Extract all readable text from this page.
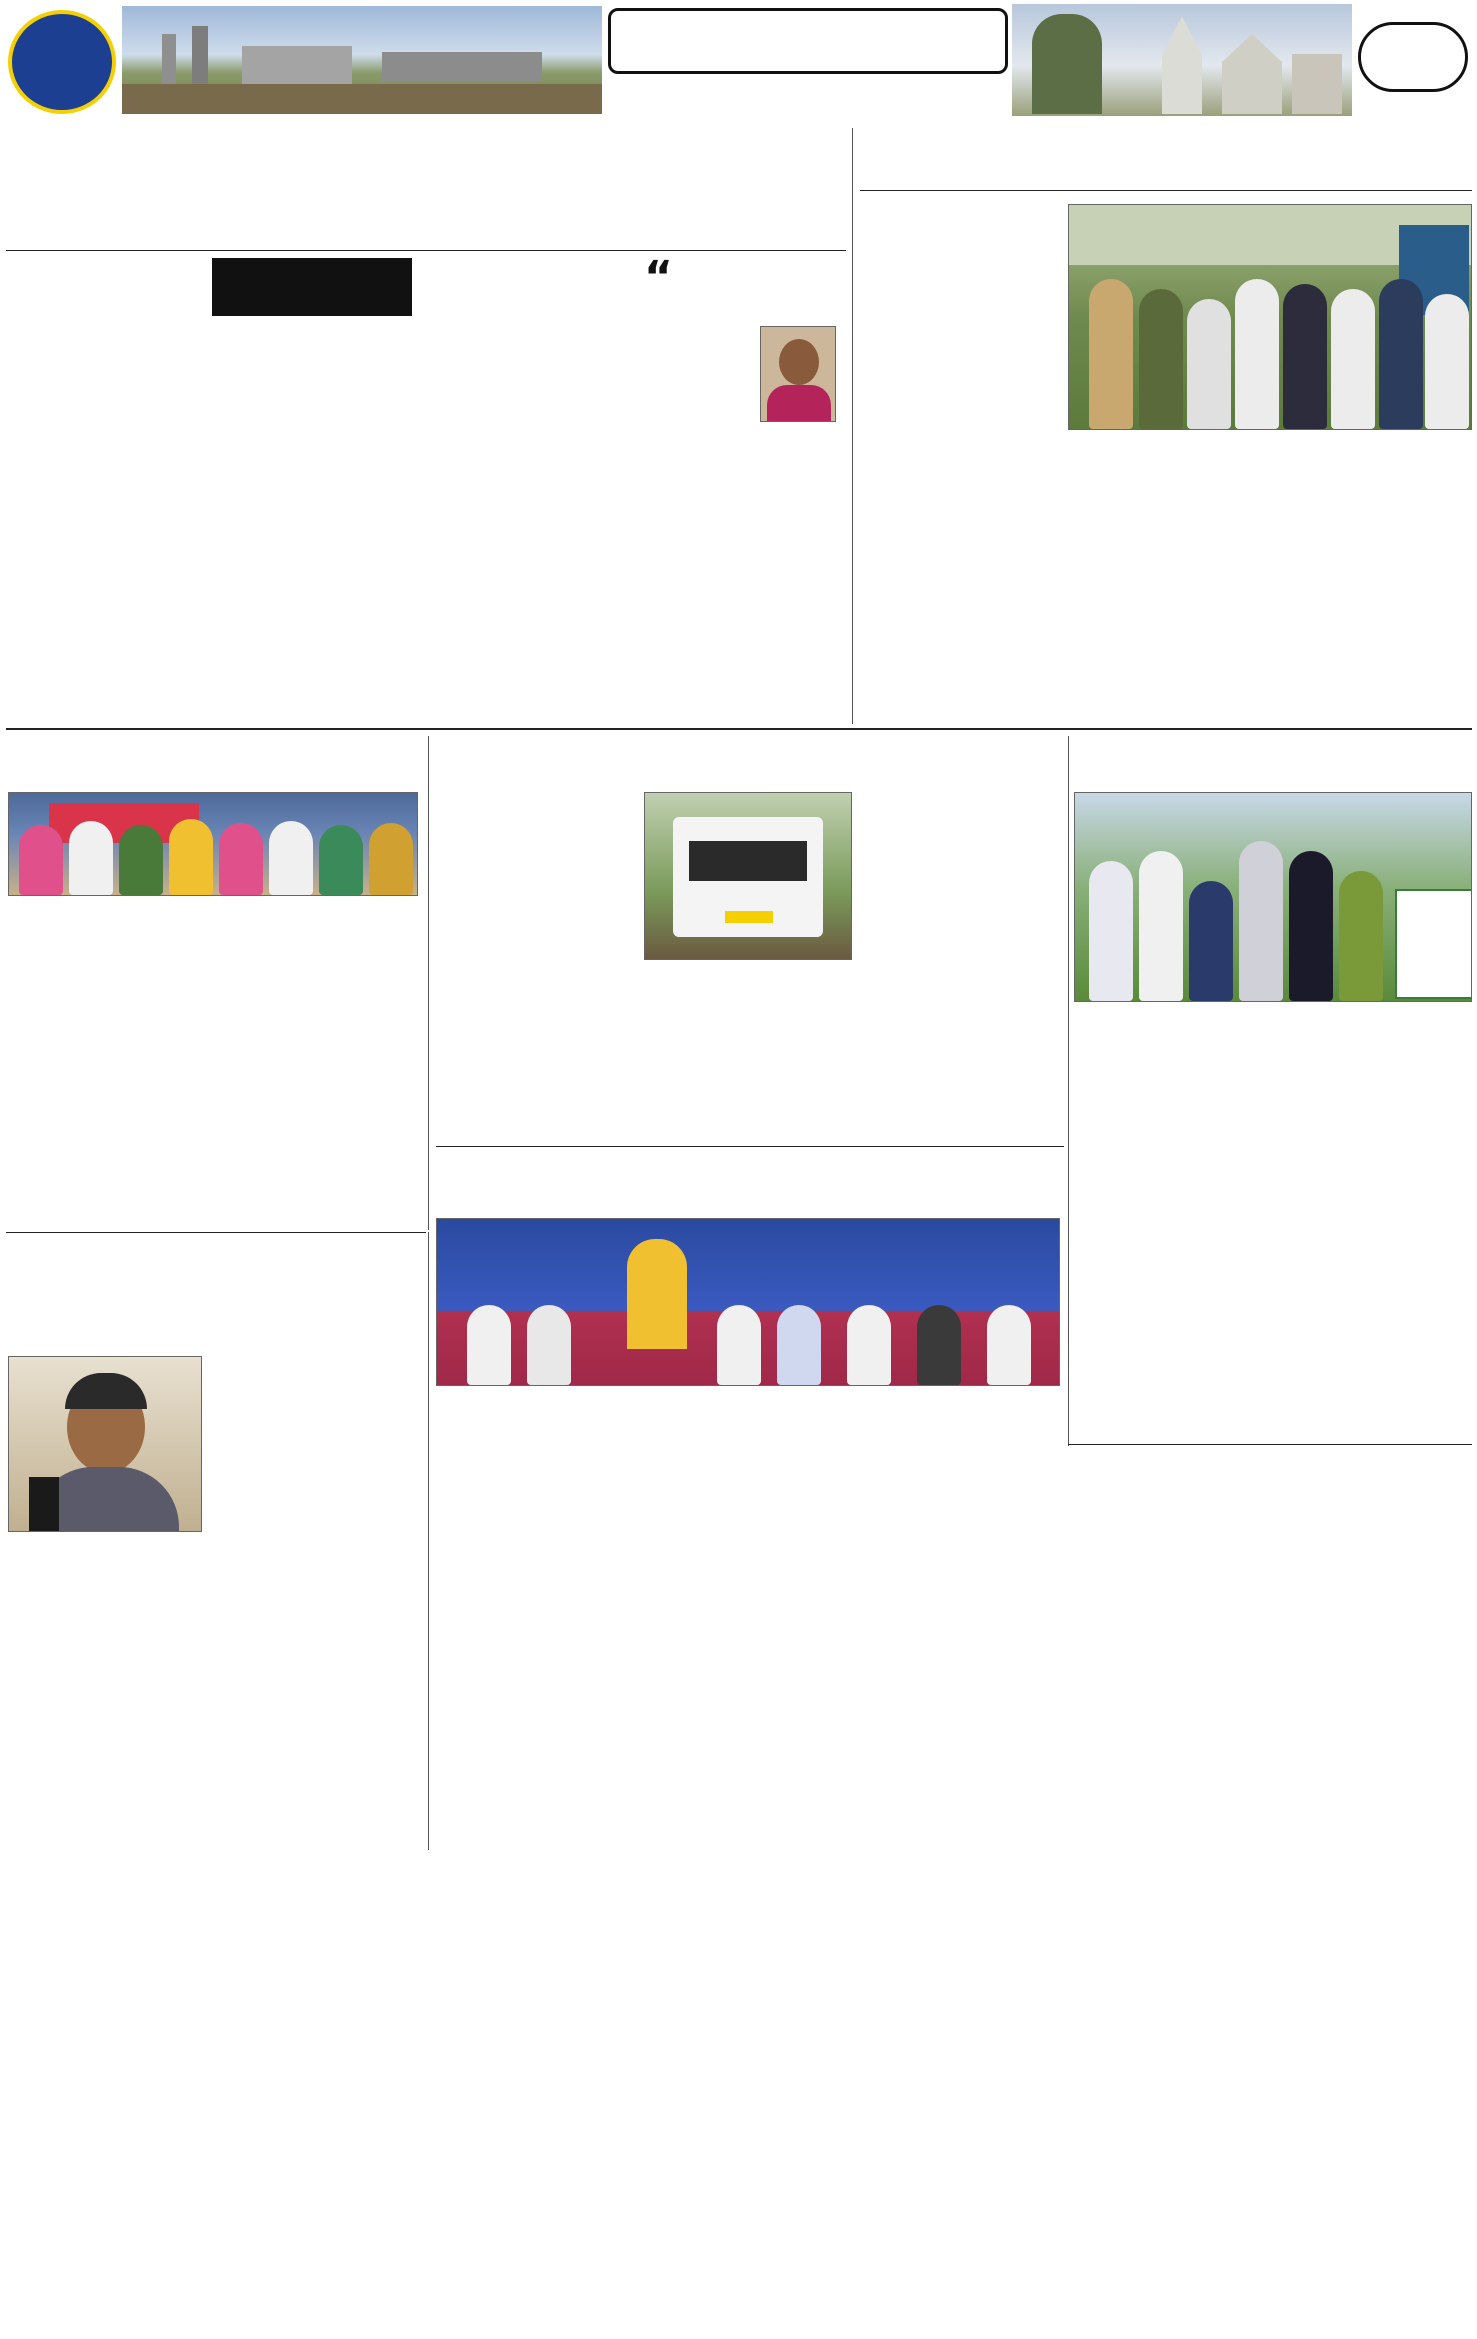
“
